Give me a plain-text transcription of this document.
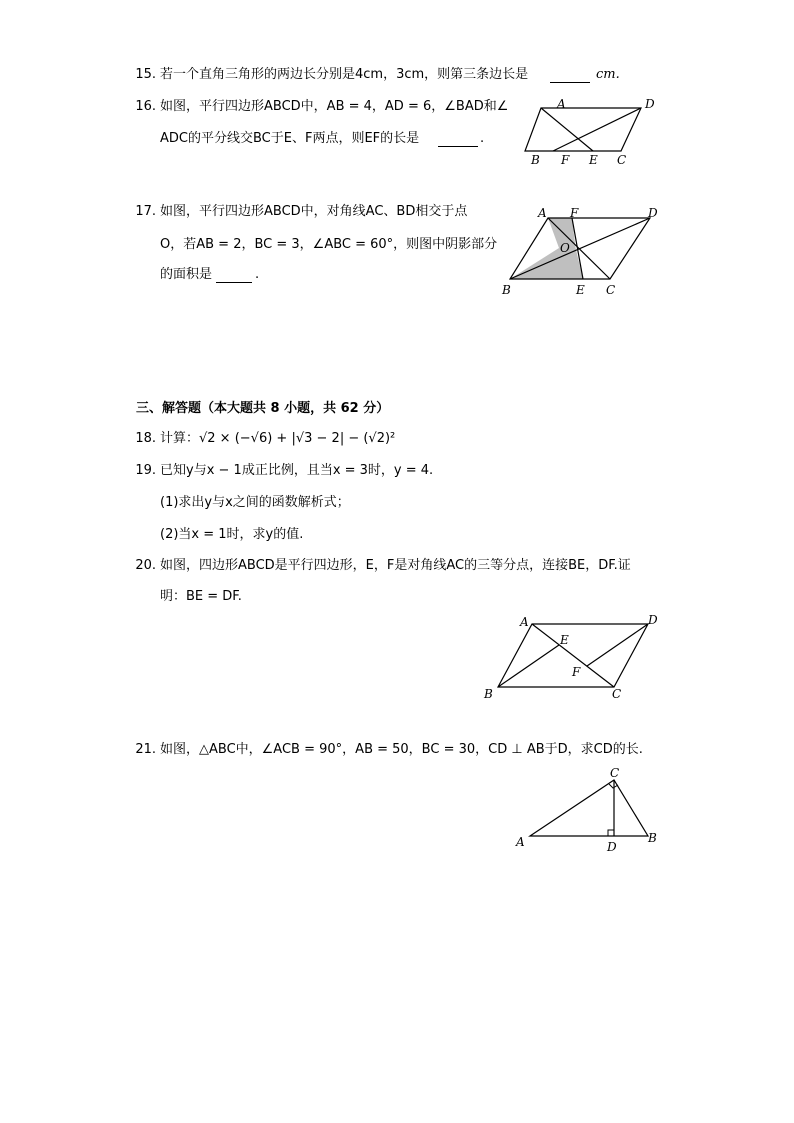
15. 若一个直角三角形的两边长分别是4cm，3cm，则第三条边长是	cm.
16. 如图，平行四边形ABCD中，AB = 4，AD = 6，∠BAD和∠
ADC的平分线交BC于E、F两点，则EF的长是	.
A	D
B F E C
17. 如图，平行四边形ABCD中，对角线AC、BD相交于点
O，若AB = 2，BC = 3，∠ABC = 60°，则图中阴影部分
的面积是	.
A F	D
O
B	E C
三、解答题（本大题共 8 小题，共 62 分）
18. 计算：√2 × (−√6) + |√3 − 2| − (√2)²
19. 已知y与x − 1成正比例，且当x = 3时，y = 4.
(1)求出y与x之间的函数解析式；
(2)当x = 1时，求y的值.
20. 如图，四边形ABCD是平行四边形，E，F是对角线AC的三等分点，连接BE，DF.证
明：BE = DF.
A	D
E
F
B	C
21. 如图，△ABC中，∠ACB = 90°，AB = 50，BC = 30，CD ⊥ AB于D，求CD的长.
C
A	D
B
